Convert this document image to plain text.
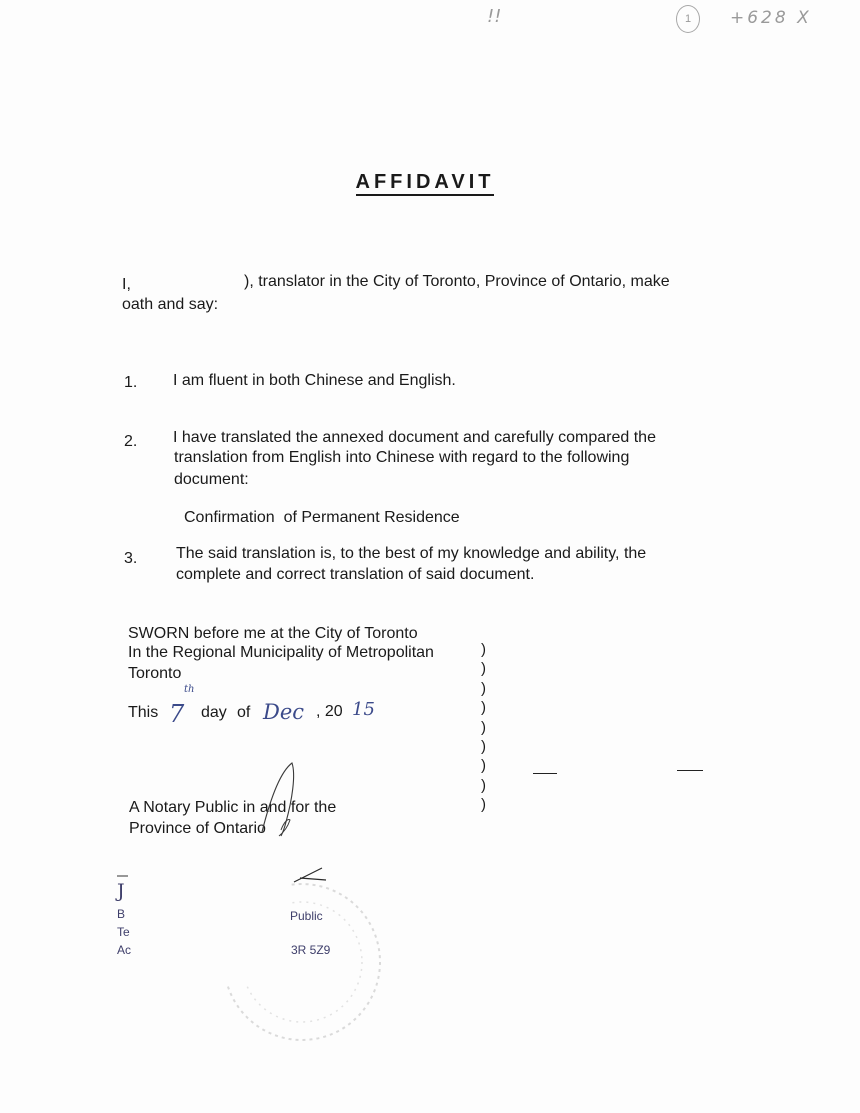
!!	1	+628 X
AFFIDAVIT
I,	), translator in the City of Toronto, Province of Ontario, make
oath and say:
1. I am fluent in both Chinese and English.
2. I have translated the annexed document and carefully compared the
translation from English into Chinese with regard to the following
document:
Confirmation  of Permanent Residence
3. The said translation is, to the best of my knowledge and ability, the
complete and correct translation of said document.
SWORN before me at the City of Toronto
In the Regional Municipality of Metropolitan
Toronto
This 7
th
day of Dec , 20 15
)
)
)
)
)
)
)
)
)
A Notary Public in and for the
Province of Ontario
J
B
Te
Ac
Public
3R 5Z9
